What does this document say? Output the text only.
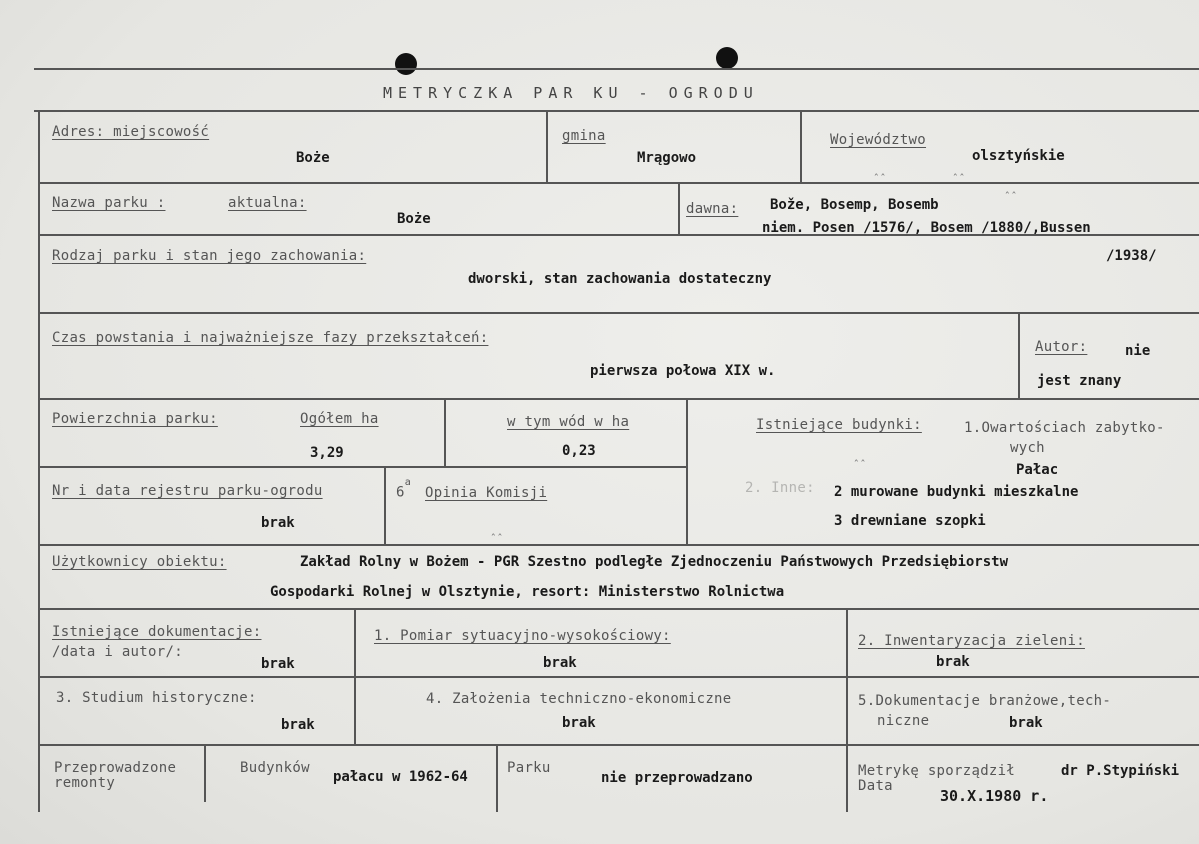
METRYCZKA PAR KU - OGRODU
Adres: miejscowość
Boże
gmina
Mrągowo
Województwo
olsztyńskie
ˆˆ	ˆˆ
Nazwa parku :	aktualna:
Boże
dawna: Bože, Bosemp, Bosemb
ˆˆ
niem. Posen /1576/, Bosem /1880/,Bussen
/1938/
Rodzaj parku i stan jego zachowania:
dworski, stan zachowania dostateczny
Czas powstania i najważniejsze fazy przekształceń:
pierwsza połowa XIX w.
Autor:	nie
jest znany
Powierzchnia parku:	Ogółem ha
3,29
w tym wód w ha
0,23
Istniejące budynki:	1.Owartościach zabytko-
wych
ˆˆ	Pałac
2. Inne: 2 murowane budynki mieszkalne
3 drewniane szopki
Nr i data rejestru parku-ogrodu
brak
6$^a$
Opinia Komisji
ˆˆ
Użytkownicy obiektu:	Zakład Rolny w Bożem - PGR Szestno podległe Zjednoczeniu Państwowych Przedsiębiorstw
Gospodarki Rolnej w Olsztynie, resort: Ministerstwo Rolnictwa
Istniejące dokumentacje:
/data i autor/:
brak
1. Pomiar sytuacyjno-wysokościowy:
brak
2. Inwentaryzacja zieleni:
brak
3. Studium historyczne:
brak
4. Założenia techniczno-ekonomiczne
brak
5.Dokumentacje branżowe,tech-
niczne	brak
Przeprowadzone
remonty
Budynków
pałacu w 1962-64
Parku
nie przeprowadzano	Metrykę sporządził	dr P.Stypiński
Data
30.X.1980 r.
